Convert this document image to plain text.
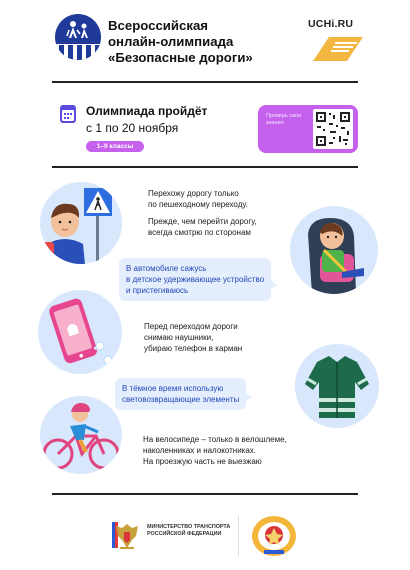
Всероссийская
онлайн-олимпиада
«Безопасные дороги»
UCHi.RU
Олимпиада пройдёт
с 1 по 20 ноября
1–9 классы
Проверь свои знания
Перехожу дорогу только
по пешеходному переходу.
Прежде, чем перейти дорогу,
всегда смотрю по сторонам
В автомобиле сажусь
в детское удерживающее устройство
и пристегиваюсь
Перед переходом дороги
снимаю наушники,
убираю телефон в карман
В тёмное время использую
световозвращающие элементы
На велосипеде – только в велошлеме,
наколенниках и налокотниках.
На проезжую часть не выезжаю
МИНИСТЕРСТВО ТРАНСПОРТА
РОССИЙСКОЙ ФЕДЕРАЦИИ
